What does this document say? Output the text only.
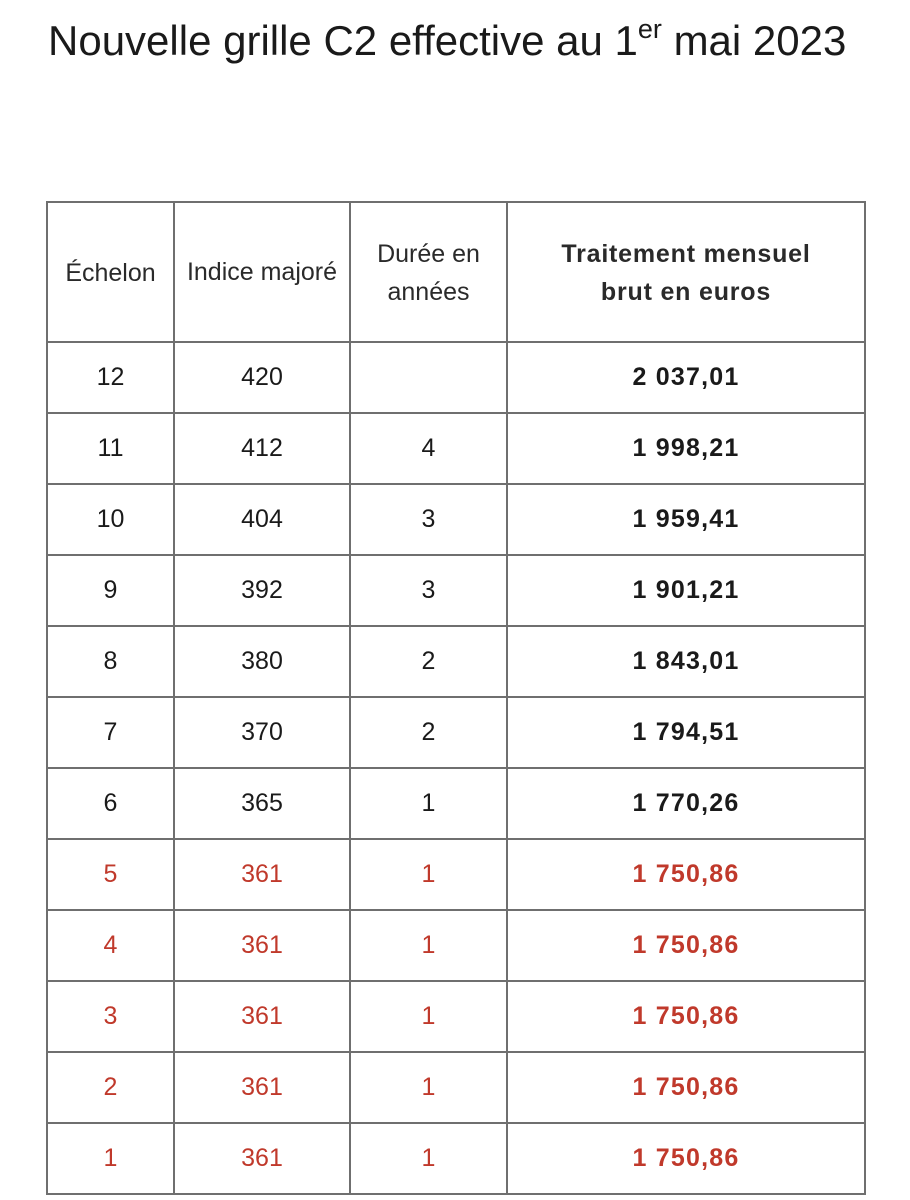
Nouvelle grille C2 effective au 1er mai 2023
Échelon	Indice majoré	Durée en années	Traitement mensuel brut en euros

12	420		2 037,01
11	412	4	1 998,21
10	404	3	1 959,41
9	392	3	1 901,21
8	380	2	1 843,01
7	370	2	1 794,51
6	365	1	1 770,26
5	361	1	1 750,86
4	361	1	1 750,86
3	361	1	1 750,86
2	361	1	1 750,86
1	361	1	1 750,86
